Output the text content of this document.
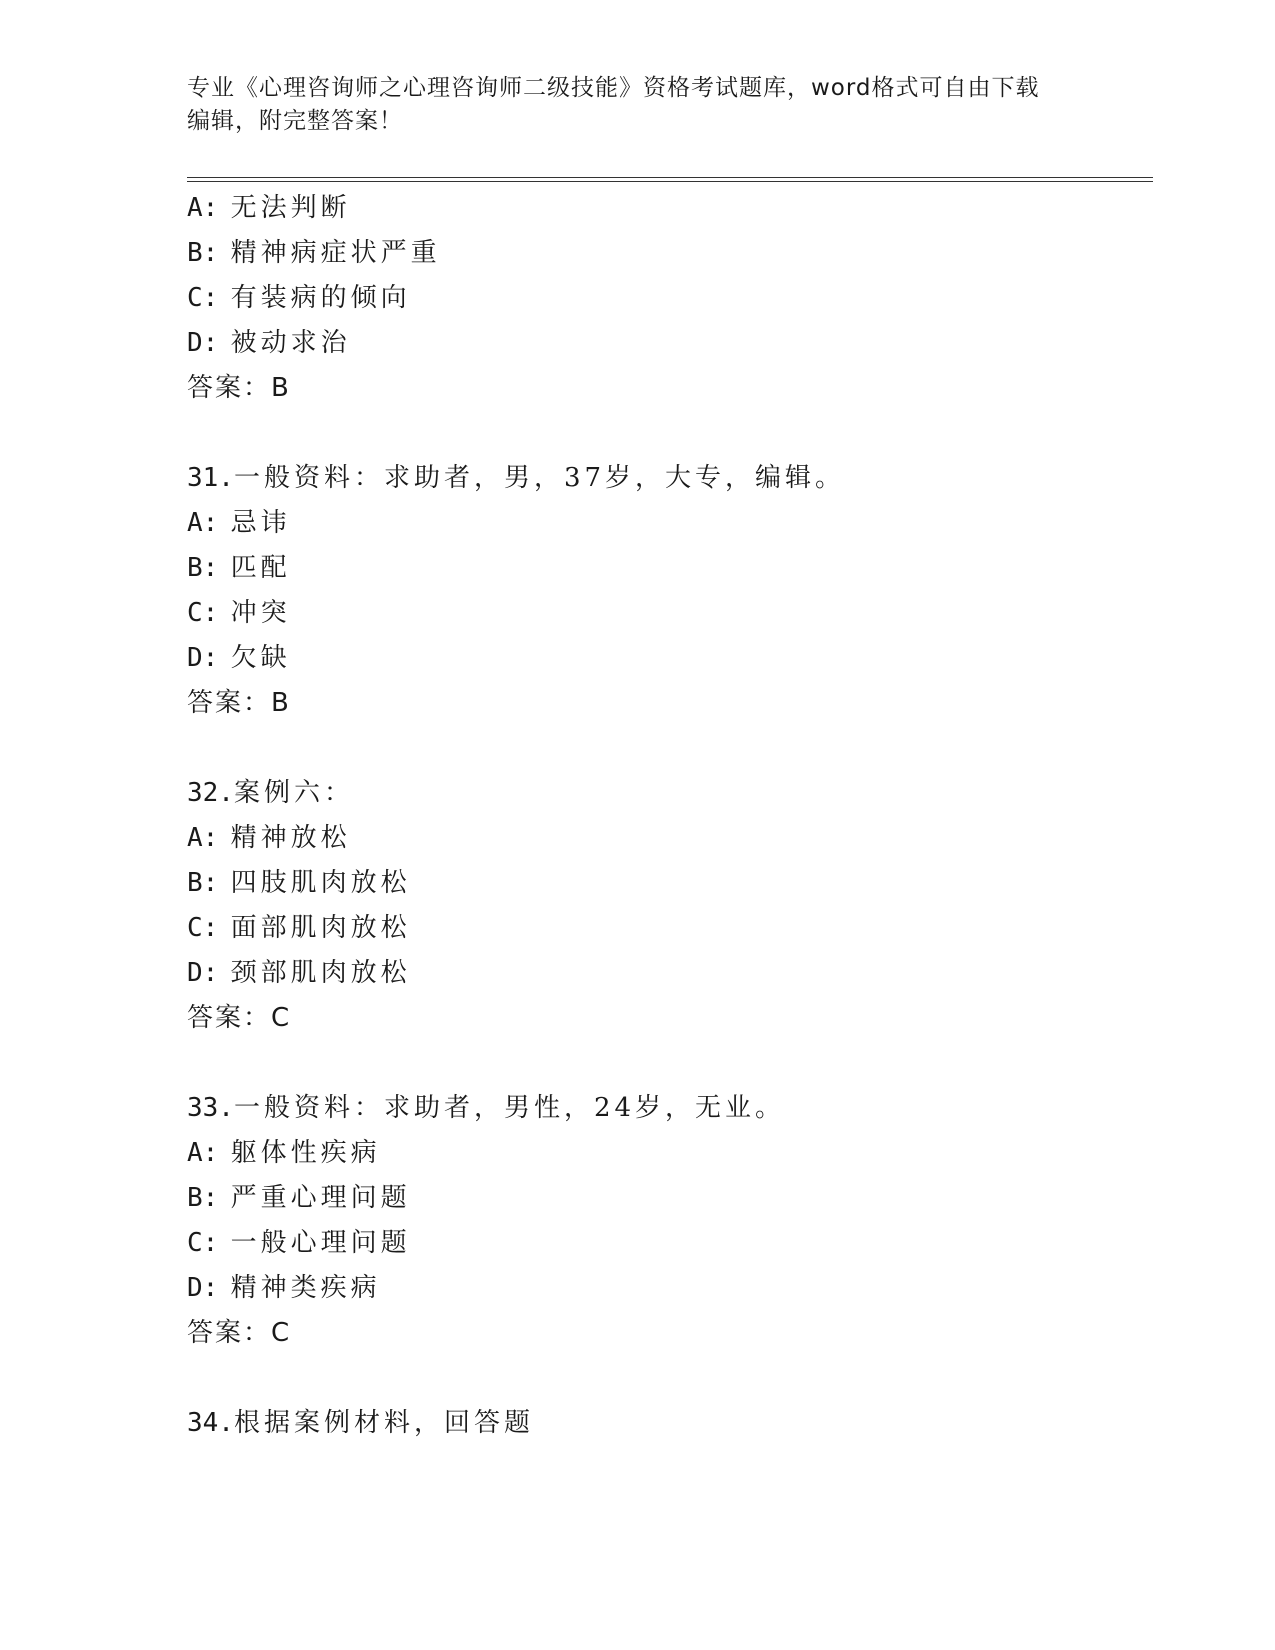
专业《心理咨询师之心理咨询师二级技能》资格考试题库，word格式可自由下载
编辑，附完整答案！
A: 无法判断
B: 精神病症状严重
C: 有装病的倾向
D: 被动求治
答案：B
31.一般资料：求助者，男，37岁，大专，编辑。
A: 忌讳
B: 匹配
C: 冲突
D: 欠缺
答案：B
32.案例六：
A: 精神放松
B: 四肢肌肉放松
C: 面部肌肉放松
D: 颈部肌肉放松
答案：C
33.一般资料：求助者，男性，24岁，无业。
A: 躯体性疾病
B: 严重心理问题
C: 一般心理问题
D: 精神类疾病
答案：C
34.根据案例材料，回答题
